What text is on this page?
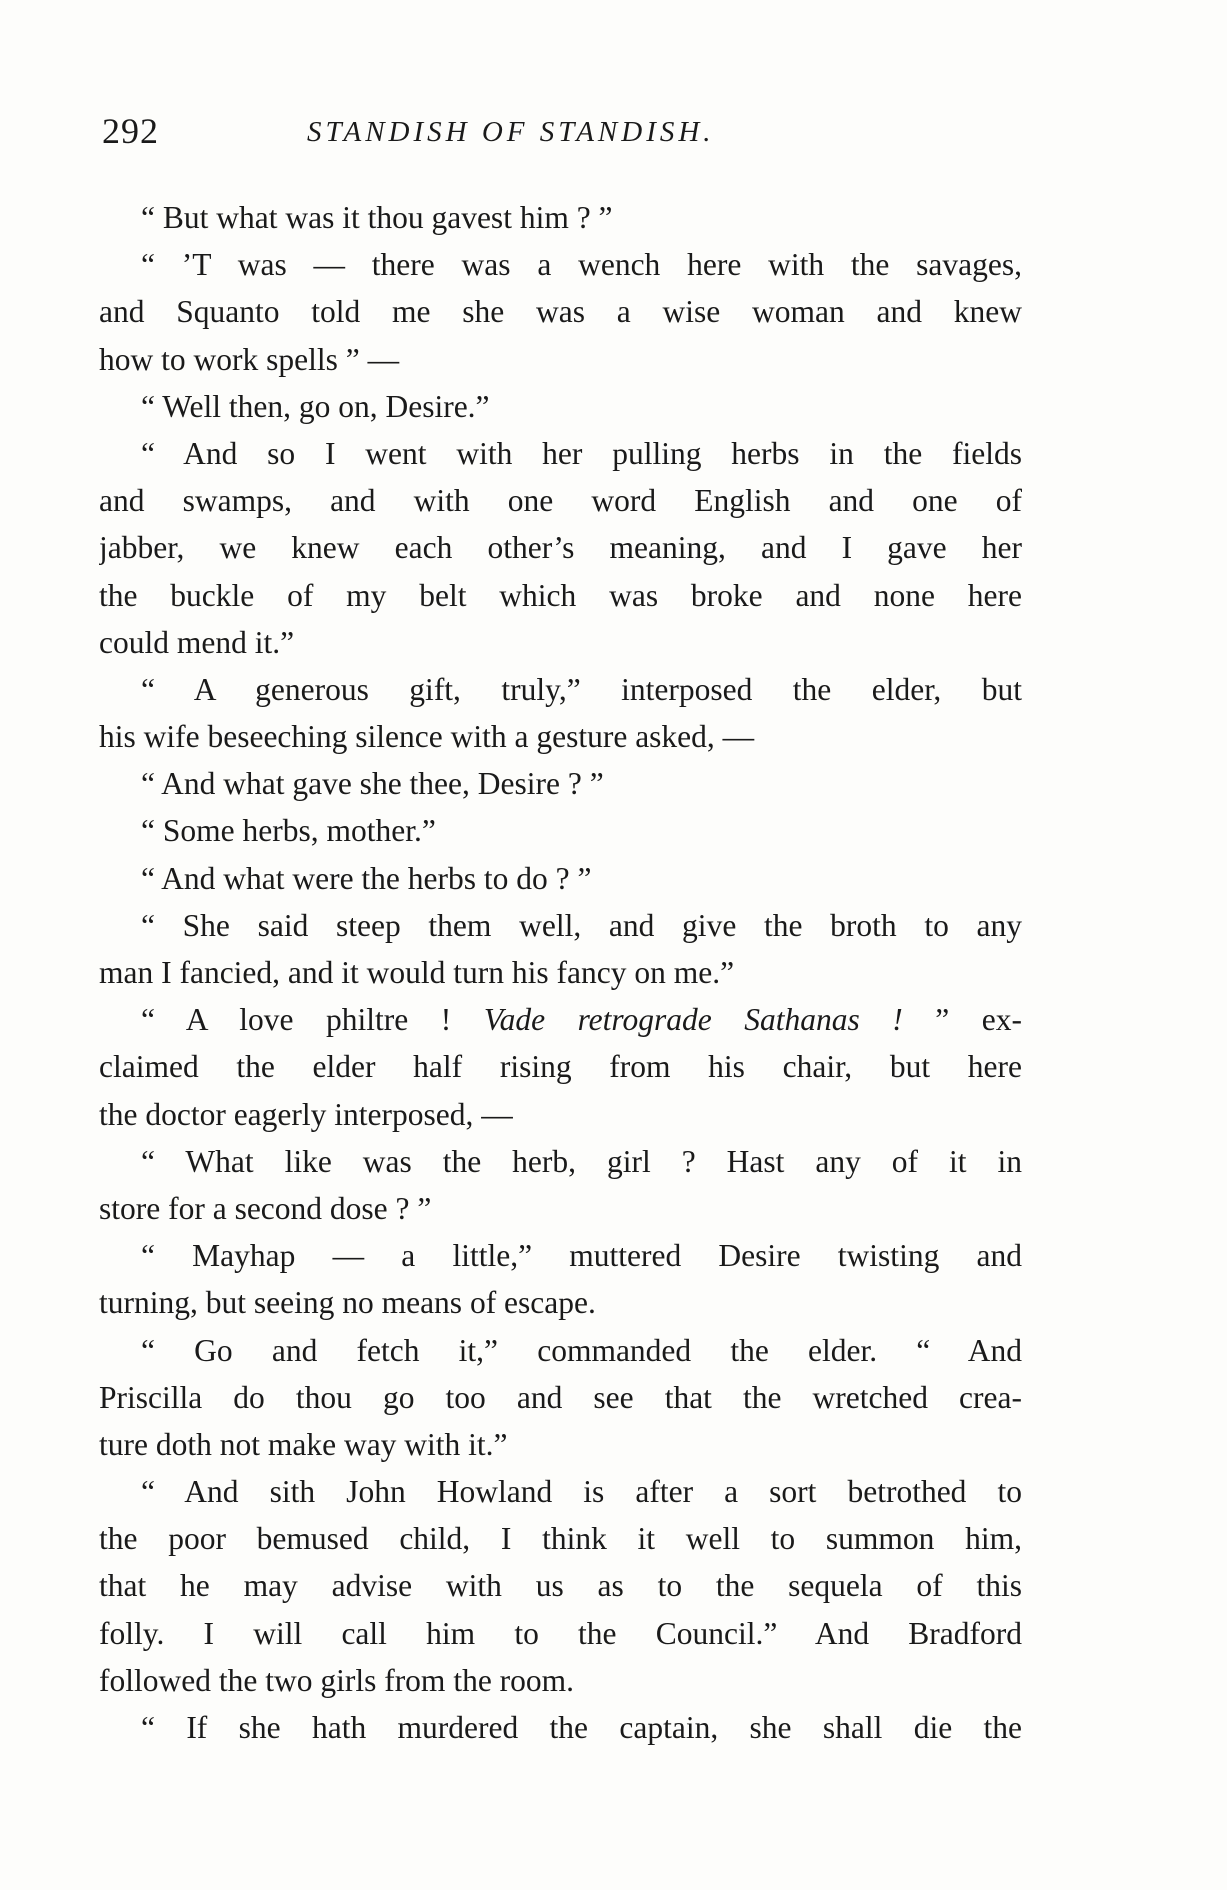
292	STANDISH OF STANDISH.
“ But what was it thou gavest him ? ”
“ ’T was — there was a wench here with the savages,
and Squanto told me she was a wise woman and knew
how to work spells ” —
“ Well then, go on, Desire.”
“ And so I went with her pulling herbs in the fields
and swamps, and with one word English and one of
jabber, we knew each other’s meaning, and I gave her
the buckle of my belt which was broke and none here
could mend it.”
“ A generous gift, truly,” interposed the elder, but
his wife beseeching silence with a gesture asked, —
“ And what gave she thee, Desire ? ”
“ Some herbs, mother.”
“ And what were the herbs to do ? ”
“ She said steep them well, and give the broth to any
man I fancied, and it would turn his fancy on me.”
“ A love philtre ! Vade retrograde Sathanas ! ” ex-
claimed the elder half rising from his chair, but here
the doctor eagerly interposed, —
“ What like was the herb, girl ? Hast any of it in
store for a second dose ? ”
“ Mayhap — a little,” muttered Desire twisting and
turning, but seeing no means of escape.
“ Go and fetch it,” commanded the elder. “ And
Priscilla do thou go too and see that the wretched crea-
ture doth not make way with it.”
“ And sith John Howland is after a sort betrothed to
the poor bemused child, I think it well to summon him,
that he may advise with us as to the sequela of this
folly. I will call him to the Council.” And Bradford
followed the two girls from the room.
“ If she hath murdered the captain, she shall die the
